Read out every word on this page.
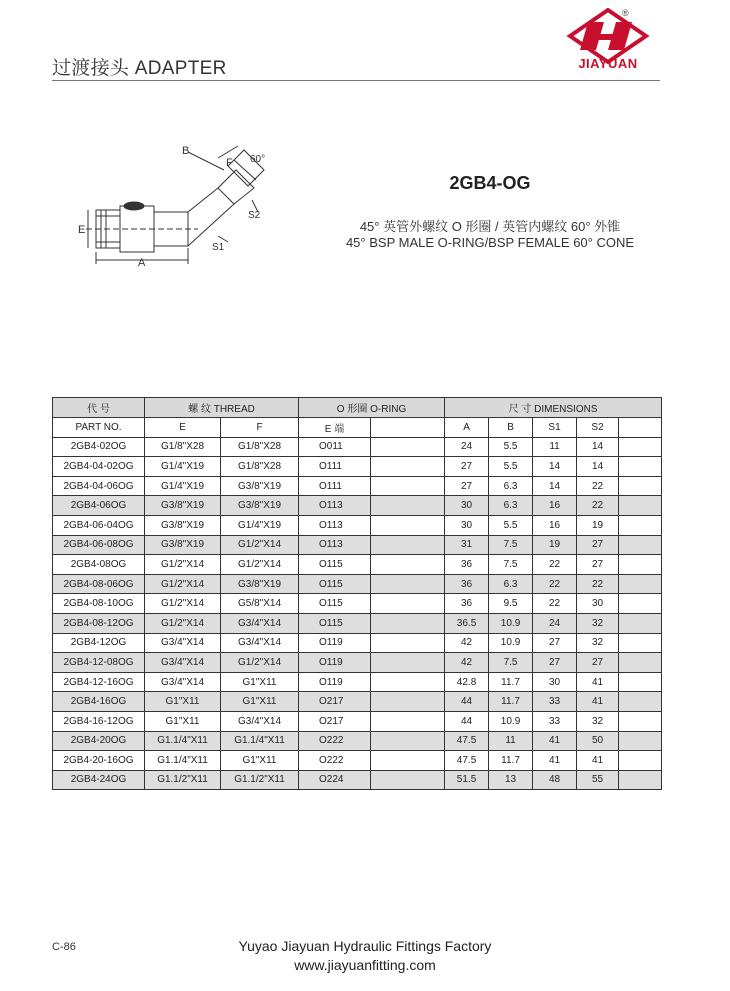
过渡接头 ADAPTER
®
JIAYUAN
E
A
B
F 60°
S2
S1
2GB4-OG
45° 英管外螺纹 O 形圈 / 英管内螺纹 60° 外锥
45° BSP MALE O-RING/BSP FEMALE 60° CONE
代 号	螺 纹 THREAD		O 形圈 O-RING		尺 寸 DIMENSIONS				
PART NO.	E	F	E 端		A	B	S1	S2	
2GB4-02OG	G1/8"X28	G1/8"X28	O011		24	5.5	11	14	
2GB4-04-02OG	G1/4"X19	G1/8"X28	O111		27	5.5	14	14	
2GB4-04-06OG	G1/4"X19	G3/8"X19	O111		27	6.3	14	22	
2GB4-06OG	G3/8"X19	G3/8"X19	O113		30	6.3	16	22	
2GB4-06-04OG	G3/8"X19	G1/4"X19	O113		30	5.5	16	19	
2GB4-06-08OG	G3/8"X19	G1/2"X14	O113		31	7.5	19	27	
2GB4-08OG	G1/2"X14	G1/2"X14	O115		36	7.5	22	27	
2GB4-08-06OG	G1/2"X14	G3/8"X19	O115		36	6.3	22	22	
2GB4-08-10OG	G1/2"X14	G5/8"X14	O115		36	9.5	22	30	
2GB4-08-12OG	G1/2"X14	G3/4"X14	O115		36.5	10.9	24	32	
2GB4-12OG	G3/4"X14	G3/4"X14	O119		42	10.9	27	32	
2GB4-12-08OG	G3/4"X14	G1/2"X14	O119		42	7.5	27	27	
2GB4-12-16OG	G3/4"X14	G1"X11	O119		42.8	11.7	30	41	
2GB4-16OG	G1"X11	G1"X11	O217		44	11.7	33	41	
2GB4-16-12OG	G1"X11	G3/4"X14	O217		44	10.9	33	32	
2GB4-20OG	G1.1/4"X11	G1.1/4"X11	O222		47.5	11	41	50	
2GB4-20-16OG	G1.1/4"X11	G1"X11	O222		47.5	11.7	41	41	
2GB4-24OG	G1.1/2"X11	G1.1/2"X11	O224		51.5	13	48	55	
C-86	Yuyao Jiayuan Hydraulic Fittings Factory
www.jiayuanfitting.com
